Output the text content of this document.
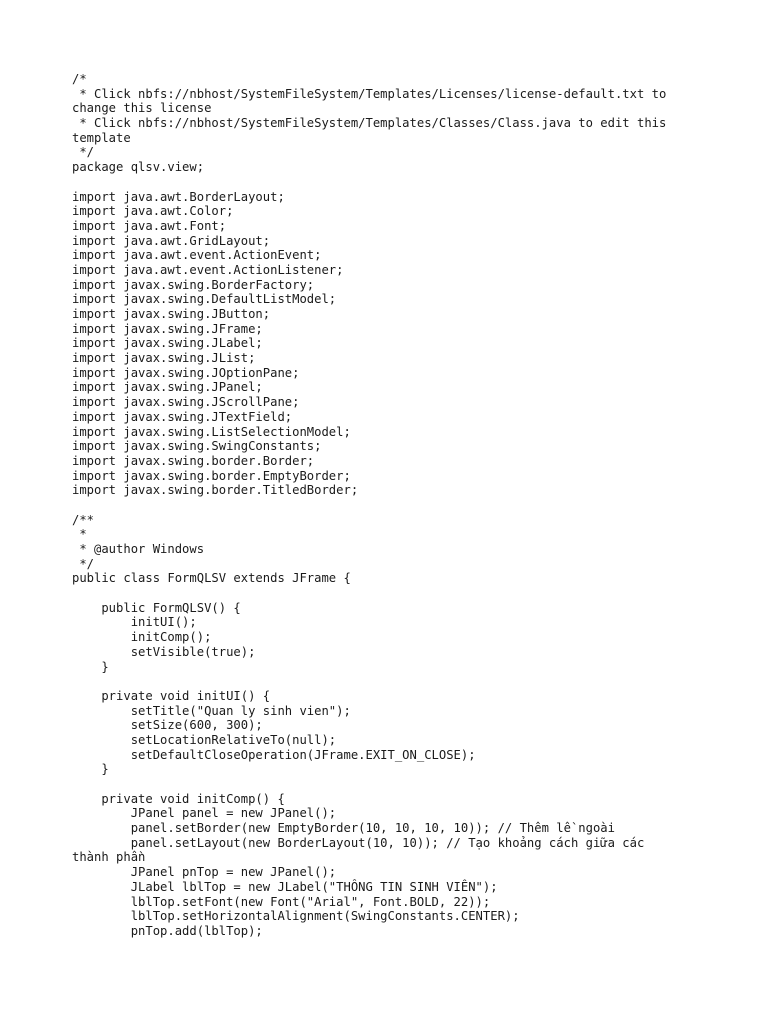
/*
* Click nbfs://nbhost/SystemFileSystem/Templates/Licenses/license-default.txt to
change this license
* Click nbfs://nbhost/SystemFileSystem/Templates/Classes/Class.java to edit this
template
*/
package qlsv.view;
import java.awt.BorderLayout;
import java.awt.Color;
import java.awt.Font;
import java.awt.GridLayout;
import java.awt.event.ActionEvent;
import java.awt.event.ActionListener;
import javax.swing.BorderFactory;
import javax.swing.DefaultListModel;
import javax.swing.JButton;
import javax.swing.JFrame;
import javax.swing.JLabel;
import javax.swing.JList;
import javax.swing.JOptionPane;
import javax.swing.JPanel;
import javax.swing.JScrollPane;
import javax.swing.JTextField;
import javax.swing.ListSelectionModel;
import javax.swing.SwingConstants;
import javax.swing.border.Border;
import javax.swing.border.EmptyBorder;
import javax.swing.border.TitledBorder;
/**
*
* @author Windows
*/
public class FormQLSV extends JFrame {
public FormQLSV() {
initUI();
initComp();
setVisible(true);
}
private void initUI() {
setTitle("Quan ly sinh vien");
setSize(600, 300);
setLocationRelativeTo(null);
setDefaultCloseOperation(JFrame.EXIT_ON_CLOSE);
}
private void initComp() {
JPanel panel = new JPanel();
panel.setBorder(new EmptyBorder(10, 10, 10, 10)); // Thêm lề ngoài
panel.setLayout(new BorderLayout(10, 10)); // Tạo khoảng cách giữa các
thành phần
JPanel pnTop = new JPanel();
JLabel lblTop = new JLabel("THÔNG TIN SINH VIÊN");
lblTop.setFont(new Font("Arial", Font.BOLD, 22));
lblTop.setHorizontalAlignment(SwingConstants.CENTER);
pnTop.add(lblTop);
